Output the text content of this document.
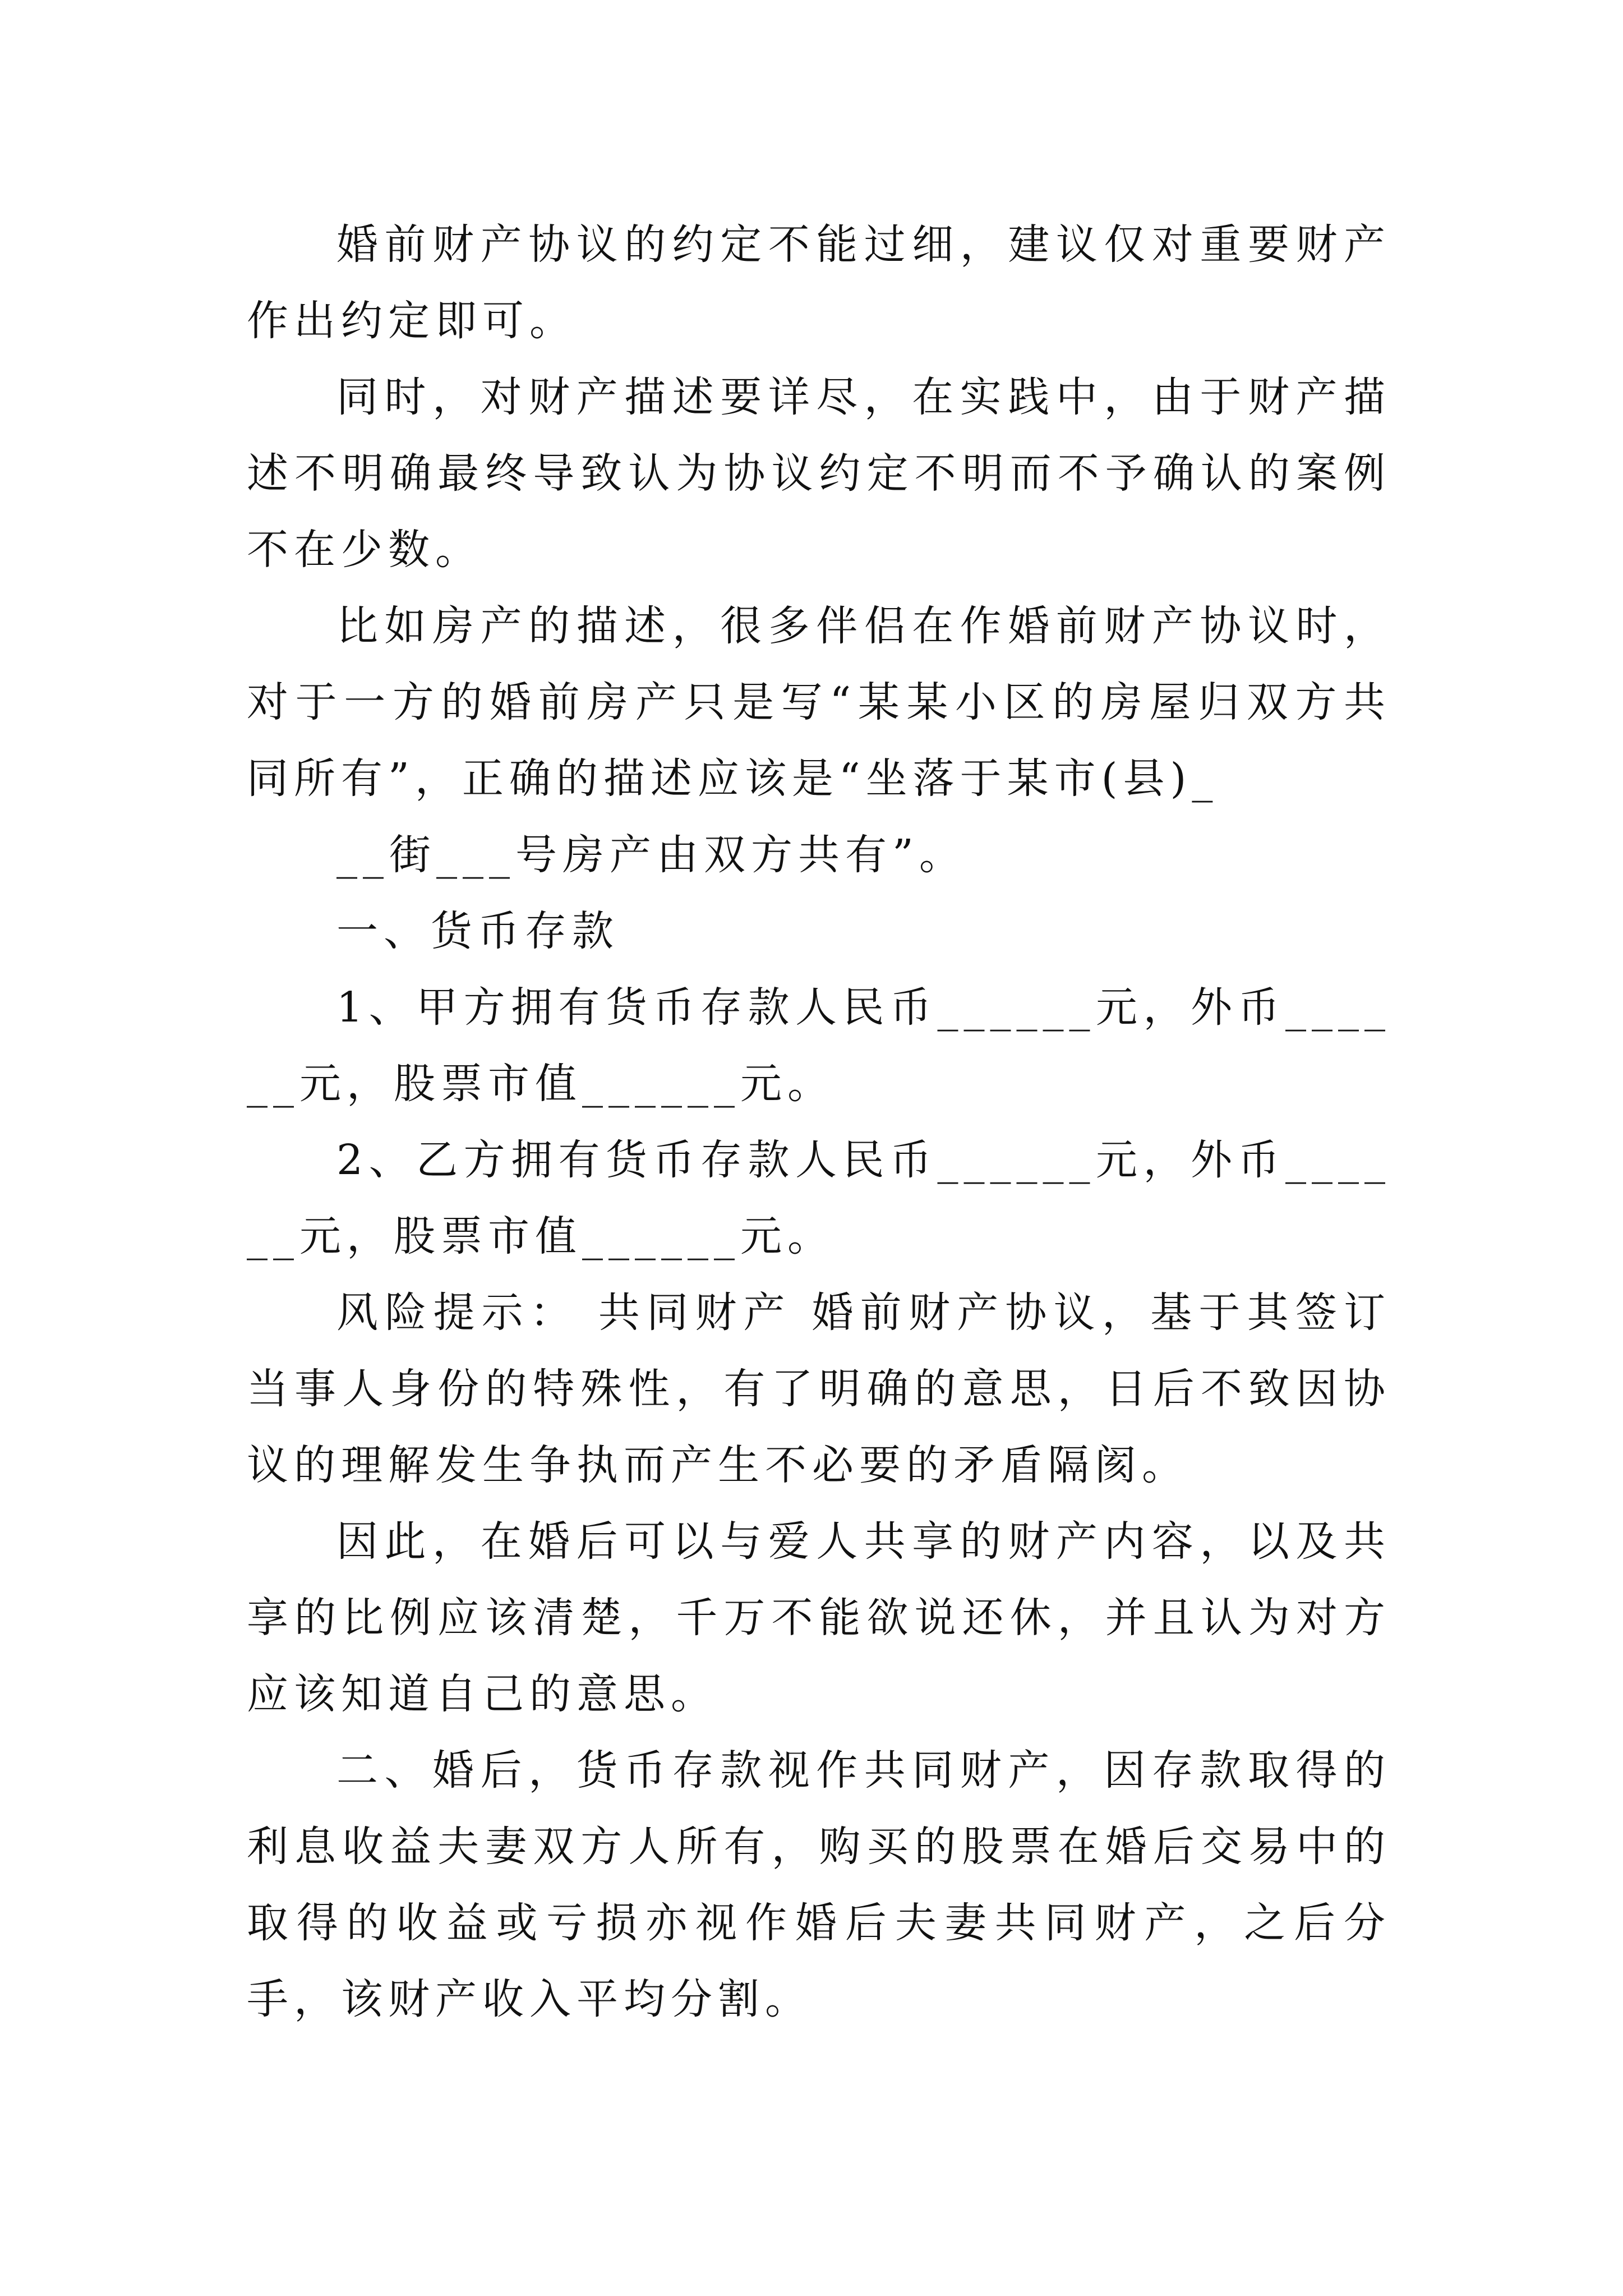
婚前财产协议的约定不能过细，建议仅对重要财产作出约定即可。

同时，对财产描述要详尽，在实践中，由于财产描述不明确最终导致认为协议约定不明而不予确认的案例不在少数。

比如房产的描述，很多伴侣在作婚前财产协议时，对于一方的婚前房产只是写“某某小区的房屋归双方共同所有”，正确的描述应该是“坐落于某市(县)_

__街___号房产由双方共有”。

一、货币存款

1、甲方拥有货币存款人民币______元，外币______元，股票市值______元。

2、乙方拥有货币存款人民币______元，外币______元，股票市值______元。

风险提示： 共同财产 婚前财产协议，基于其签订当事人身份的特殊性，有了明确的意思，日后不致因协议的理解发生争执而产生不必要的矛盾隔阂。

因此，在婚后可以与爱人共享的财产内容，以及共享的比例应该清楚，千万不能欲说还休，并且认为对方应该知道自己的意思。

二、婚后，货币存款视作共同财产，因存款取得的利息收益夫妻双方人所有，购买的股票在婚后交易中的取得的收益或亏损亦视作婚后夫妻共同财产，之后分手，该财产收入平均分割。
